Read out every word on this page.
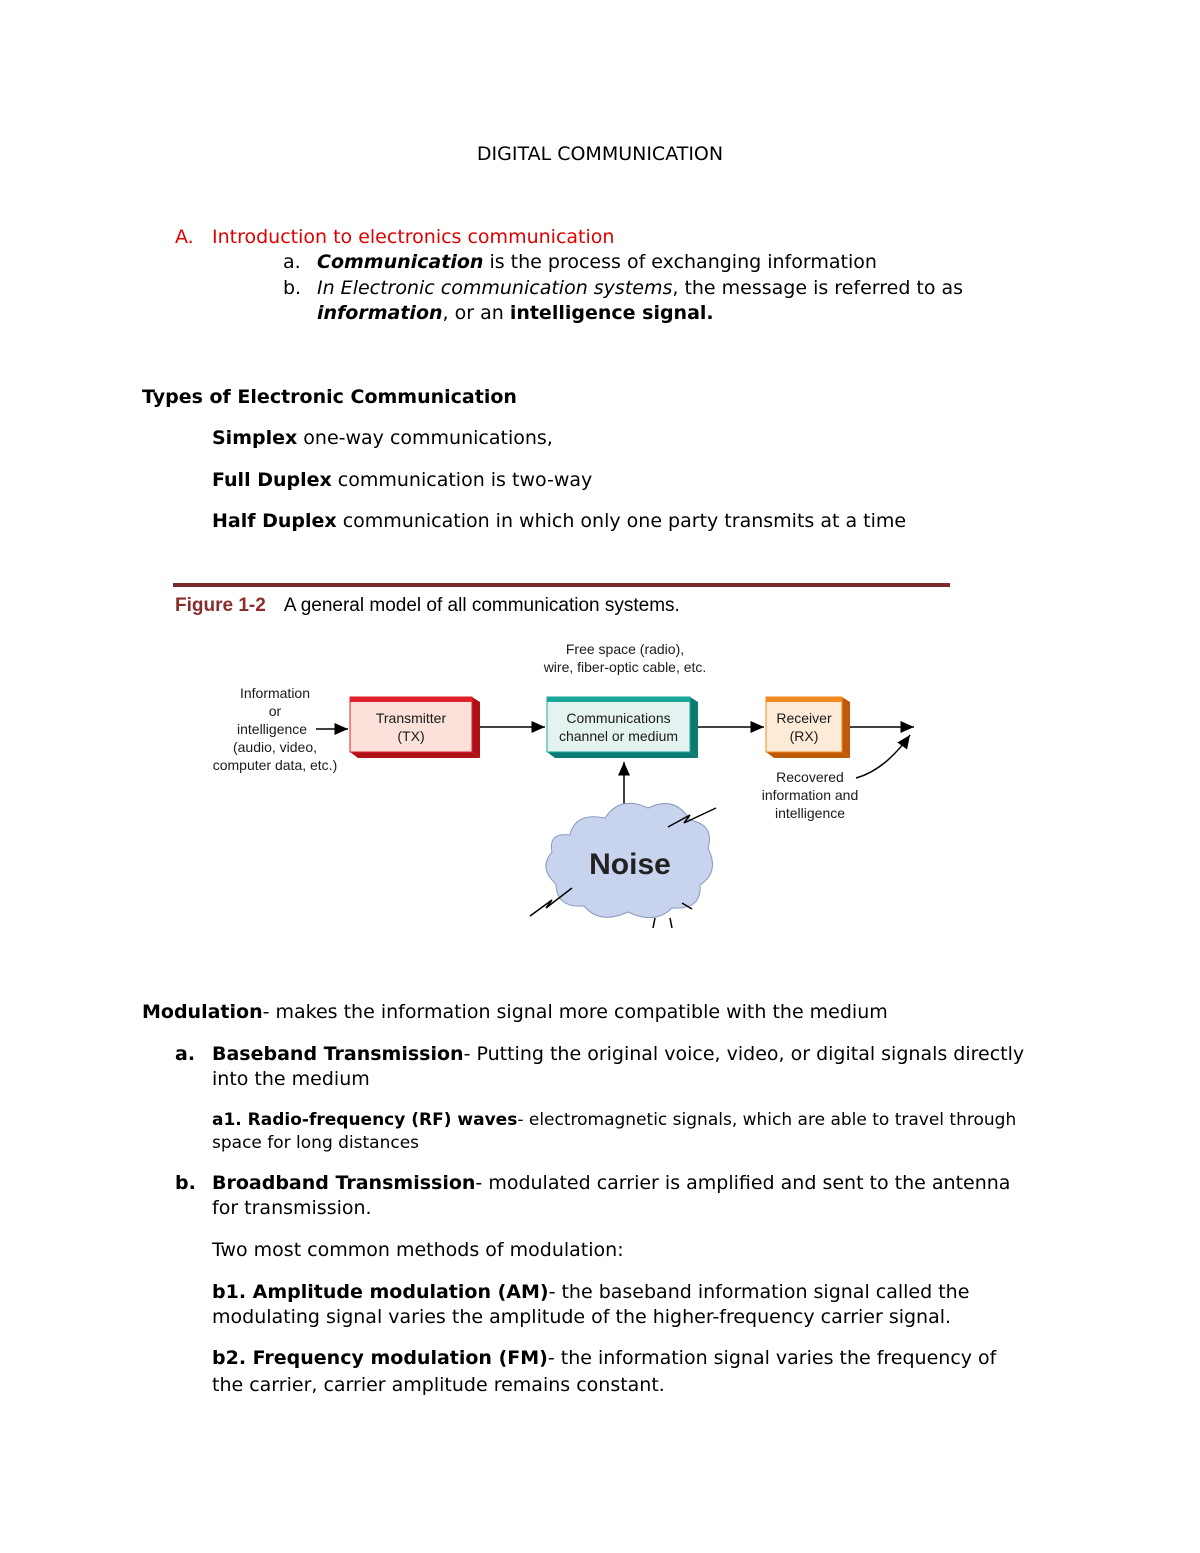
DIGITAL COMMUNICATION
A. Introduction to electronics communication
a. Communication is the process of exchanging information
b. In Electronic communication systems, the message is referred to as
information, or an intelligence signal.
Types of Electronic Communication
Simplex one-way communications,
Full Duplex communication is two-way
Half Duplex communication in which only one party transmits at a time
Figure 1-2 A general model of all communication systems.
Information
or
intelligence
(audio, video,
computer data, etc.)
Transmitter
(TX)
Communications
channel or medium
Receiver
(RX)
Free space (radio),
wire, fiber-optic cable, etc.
Recovered
information and
intelligence
Noise
Modulation- makes the information signal more compatible with the medium
a. Baseband Transmission- Putting the original voice, video, or digital signals directly
into the medium
a1. Radio-frequency (RF) waves- electromagnetic signals, which are able to travel through
space for long distances
b. Broadband Transmission- modulated carrier is amplified and sent to the antenna
for transmission.
Two most common methods of modulation:
b1. Amplitude modulation (AM)- the baseband information signal called the
modulating signal varies the amplitude of the higher-frequency carrier signal.
b2. Frequency modulation (FM)- the information signal varies the frequency of
the carrier, carrier amplitude remains constant.
